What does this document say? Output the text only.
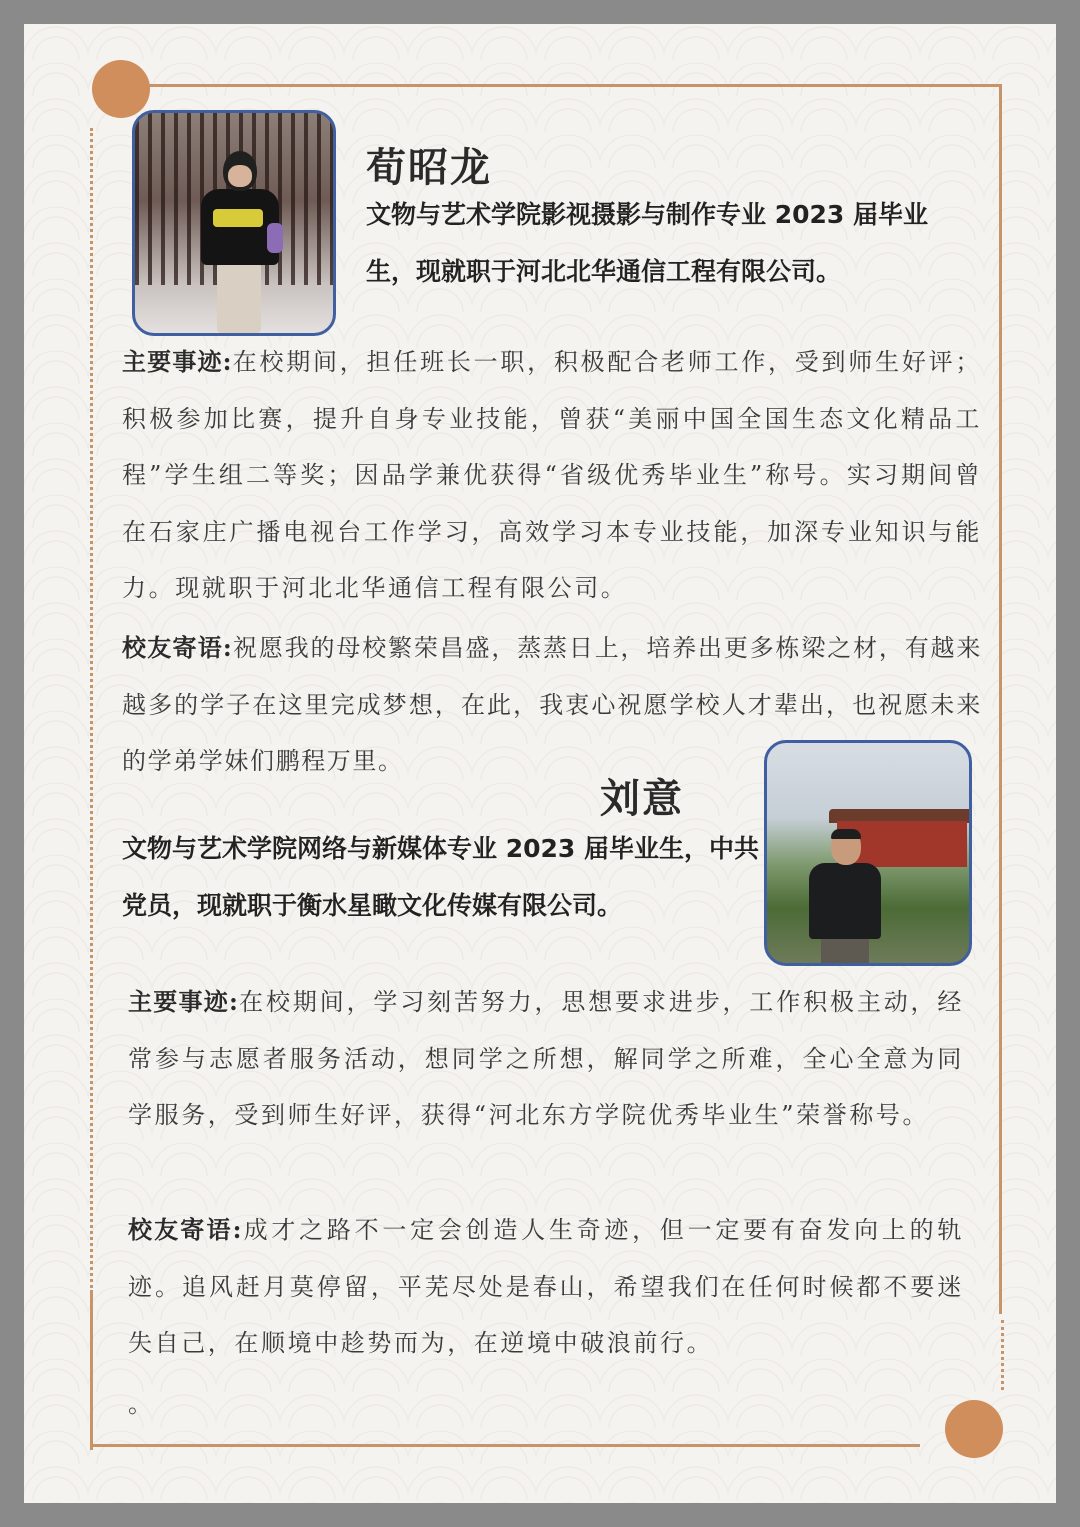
荀昭龙

文物与艺术学院影视摄影与制作专业 2023 届毕业生，现就职于河北北华通信工程有限公司。

主要事迹:在校期间，担任班长一职，积极配合老师工作，受到师生好评；积极参加比赛，提升自身专业技能，曾获“美丽中国全国生态文化精品工程”学生组二等奖；因品学兼优获得“省级优秀毕业生”称号。实习期间曾在石家庄广播电视台工作学习，高效学习本专业技能，加深专业知识与能力。现就职于河北北华通信工程有限公司。

校友寄语:祝愿我的母校繁荣昌盛，蒸蒸日上，培养出更多栋梁之材，有越来越多的学子在这里完成梦想，在此，我衷心祝愿学校人才辈出，也祝愿未来的学弟学妹们鹏程万里。

刘意

文物与艺术学院网络与新媒体专业 2023 届毕业生，中共党员，现就职于衡水星瞰文化传媒有限公司。

主要事迹:在校期间，学习刻苦努力，思想要求进步，工作积极主动，经常参与志愿者服务活动，想同学之所想，解同学之所难，全心全意为同学服务，受到师生好评，获得“河北东方学院优秀毕业生”荣誉称号。

校友寄语:成才之路不一定会创造人生奇迹，但一定要有奋发向上的轨迹。追风赶月莫停留，平芜尽处是春山，希望我们在任何时候都不要迷失自己，在顺境中趁势而为，在逆境中破浪前行。

。
